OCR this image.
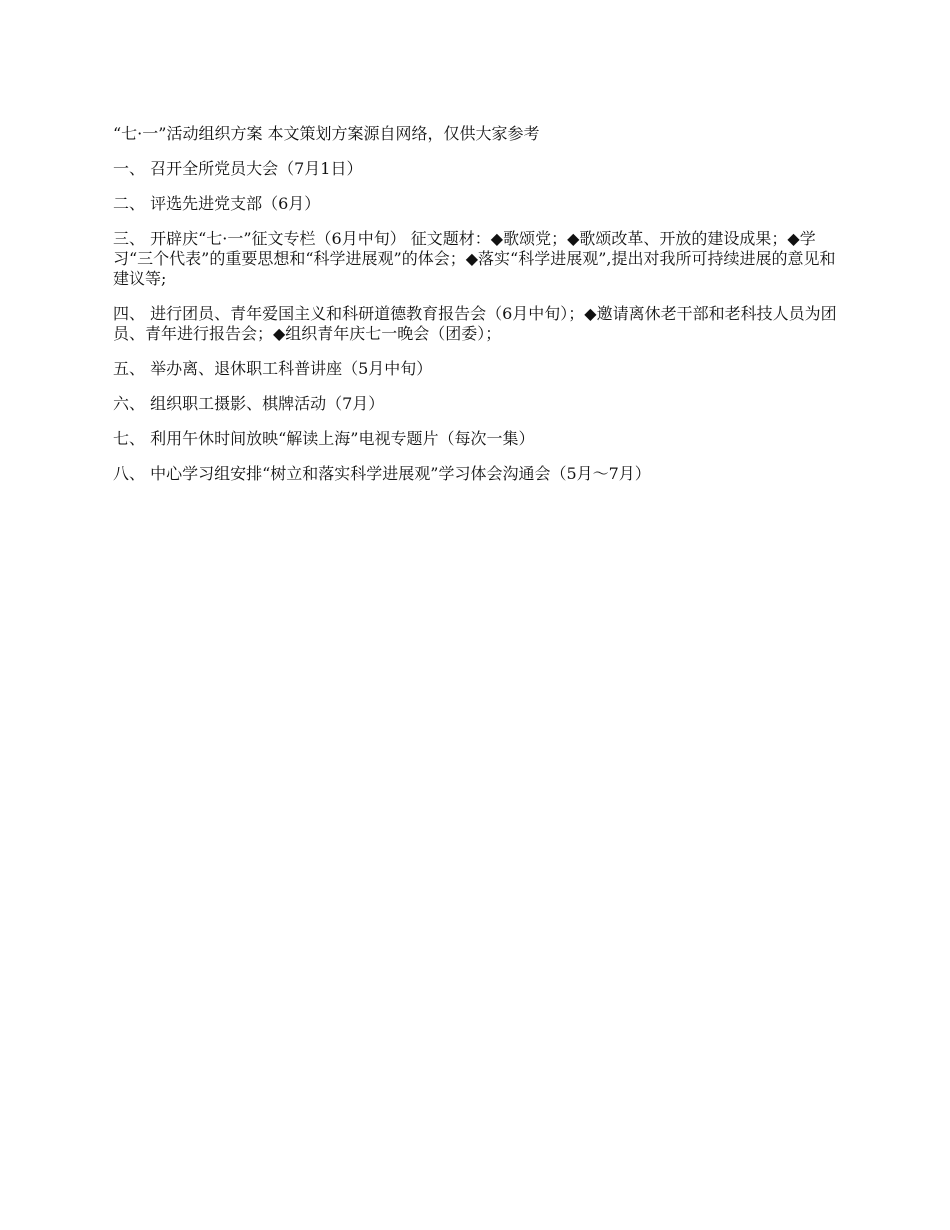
“七·一”活动组织方案 本文策划方案源自网络，仅供大家参考

一、 召开全所党员大会（7月1日）

二、 评选先进党支部（6月）

三、 开辟庆“七·一”征文专栏（6月中旬） 征文题材：◆歌颂党；◆歌颂改革、开放的建设成果；◆学习“三个代表”的重要思想和“科学进展观”的体会；◆落实“科学进展观”,提出对我所可持续进展的意见和建议等;

四、 进行团员、青年爱国主义和科研道德教育报告会（6月中旬）；◆邀请离休老干部和老科技人员为团员、青年进行报告会；◆组织青年庆七一晚会（团委）；

五、 举办离、退休职工科普讲座（5月中旬）

六、 组织职工摄影、棋牌活动（7月）

七、 利用午休时间放映“解读上海”电视专题片（每次一集）

八、 中心学习组安排“树立和落实科学进展观”学习体会沟通会（5月～7月）
